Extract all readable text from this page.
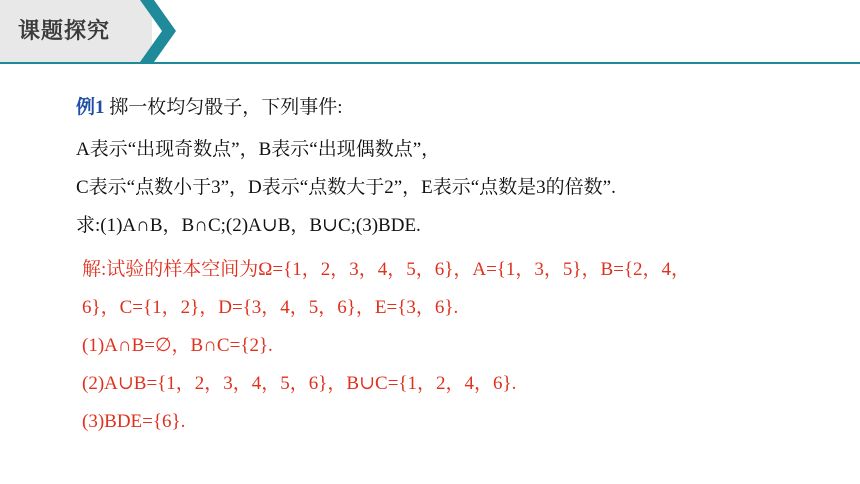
课题探究
例1 掷一枚均匀骰子，下列事件:
A表示“出现奇数点”，B表示“出现偶数点”，
C表示“点数小于3”，D表示“点数大于2”，E表示“点数是3的倍数”.
求:(1)A∩B，B∩C;(2)A∪B，B∪C;(3)BDE.
解:试验的样本空间为Ω={1，2，3，4，5，6}，A={1，3，5}，B={2，4，
6}，C={1，2}，D={3，4，5，6}，E={3，6}.
(1)A∩B=∅，B∩C={2}.
(2)A∪B={1，2，3，4，5，6}，B∪C={1，2，4，6}.
(3)BDE={6}.
